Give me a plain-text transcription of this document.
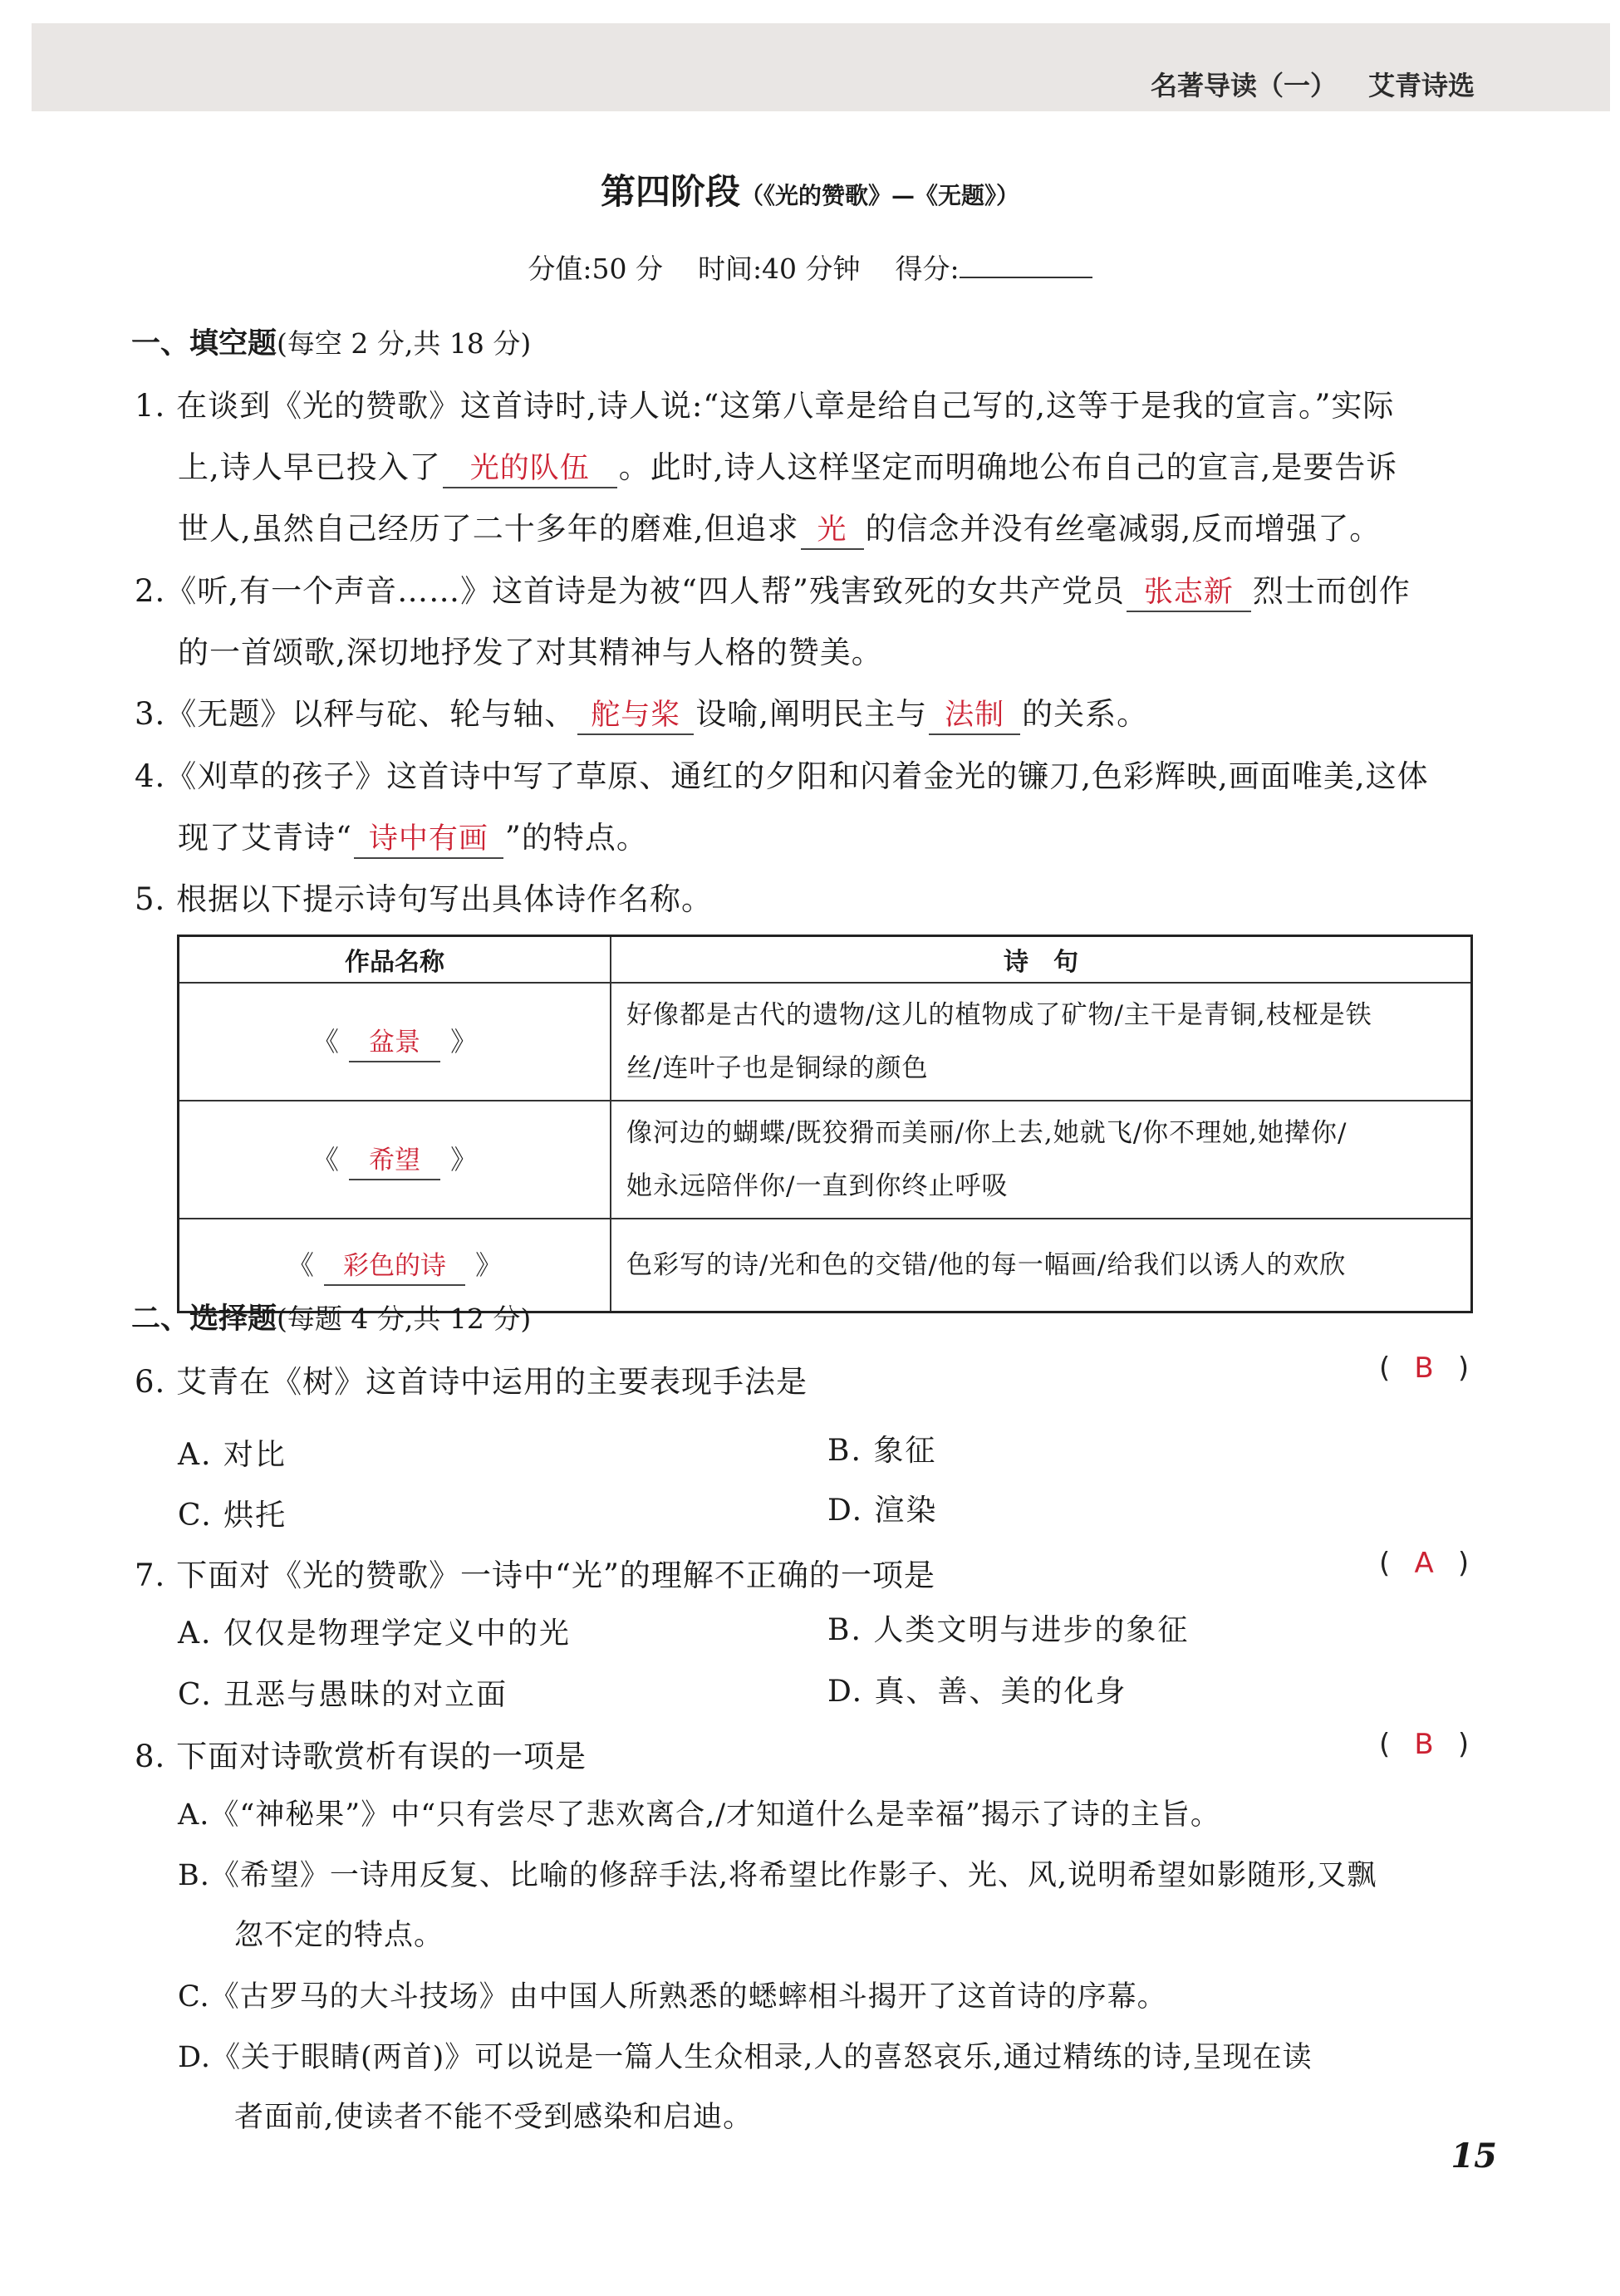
名著导读（一） 艾青诗选
第四阶段（《光的赞歌》—《无题》）
分值:50 分 时间:40 分钟 得分:
一、填空题(每空 2 分,共 18 分)
1. 在谈到《光的赞歌》这首诗时,诗人说:“这第八章是给自己写的,这等于是我的宣言。”实际
上,诗人早已投入了 光的队伍 。此时,诗人这样坚定而明确地公布自己的宣言,是要告诉
世人,虽然自己经历了二十多年的磨难,但追求 光 的信念并没有丝毫减弱,反而增强了。
2.《听,有一个声音……》这首诗是为被“四人帮”残害致死的女共产党员 张志新 烈士而创作
的一首颂歌,深切地抒发了对其精神与人格的赞美。
3.《无题》以秤与砣、轮与轴、 舵与桨 设喻,阐明民主与 法制 的关系。
4.《刈草的孩子》这首诗中写了草原、通红的夕阳和闪着金光的镰刀,色彩辉映,画面唯美,这体
现了艾青诗“ 诗中有画 ”的特点。
5. 根据以下提示诗句写出具体诗作名称。
作品名称	诗　句
《 盆景 》	好像都是古代的遗物/这儿的植物成了矿物/主干是青铜,枝桠是铁
丝/连叶子也是铜绿的颜色
《 希望 》	像河边的蝴蝶/既狡猾而美丽/你上去,她就飞/你不理她,她撵你/
她永远陪伴你/一直到你终止呼吸
《 彩色的诗 》	色彩写的诗/光和色的交错/他的每一幅画/给我们以诱人的欢欣
二、选择题(每题 4 分,共 12 分)
6. 艾青在《树》这首诗中运用的主要表现手法是	( B )
A. 对比	B. 象征
C. 烘托	D. 渲染
7. 下面对《光的赞歌》一诗中“光”的理解不正确的一项是	( A )
A. 仅仅是物理学定义中的光	B. 人类文明与进步的象征
C. 丑恶与愚昧的对立面	D. 真、善、美的化身
8. 下面对诗歌赏析有误的一项是	( B )
A.《“神秘果”》中“只有尝尽了悲欢离合,/才知道什么是幸福”揭示了诗的主旨。
B.《希望》一诗用反复、比喻的修辞手法,将希望比作影子、光、风,说明希望如影随形,又飘
忽不定的特点。
C.《古罗马的大斗技场》由中国人所熟悉的蟋蟀相斗揭开了这首诗的序幕。
D.《关于眼睛(两首)》可以说是一篇人生众相录,人的喜怒哀乐,通过精练的诗,呈现在读
者面前,使读者不能不受到感染和启迪。
15
